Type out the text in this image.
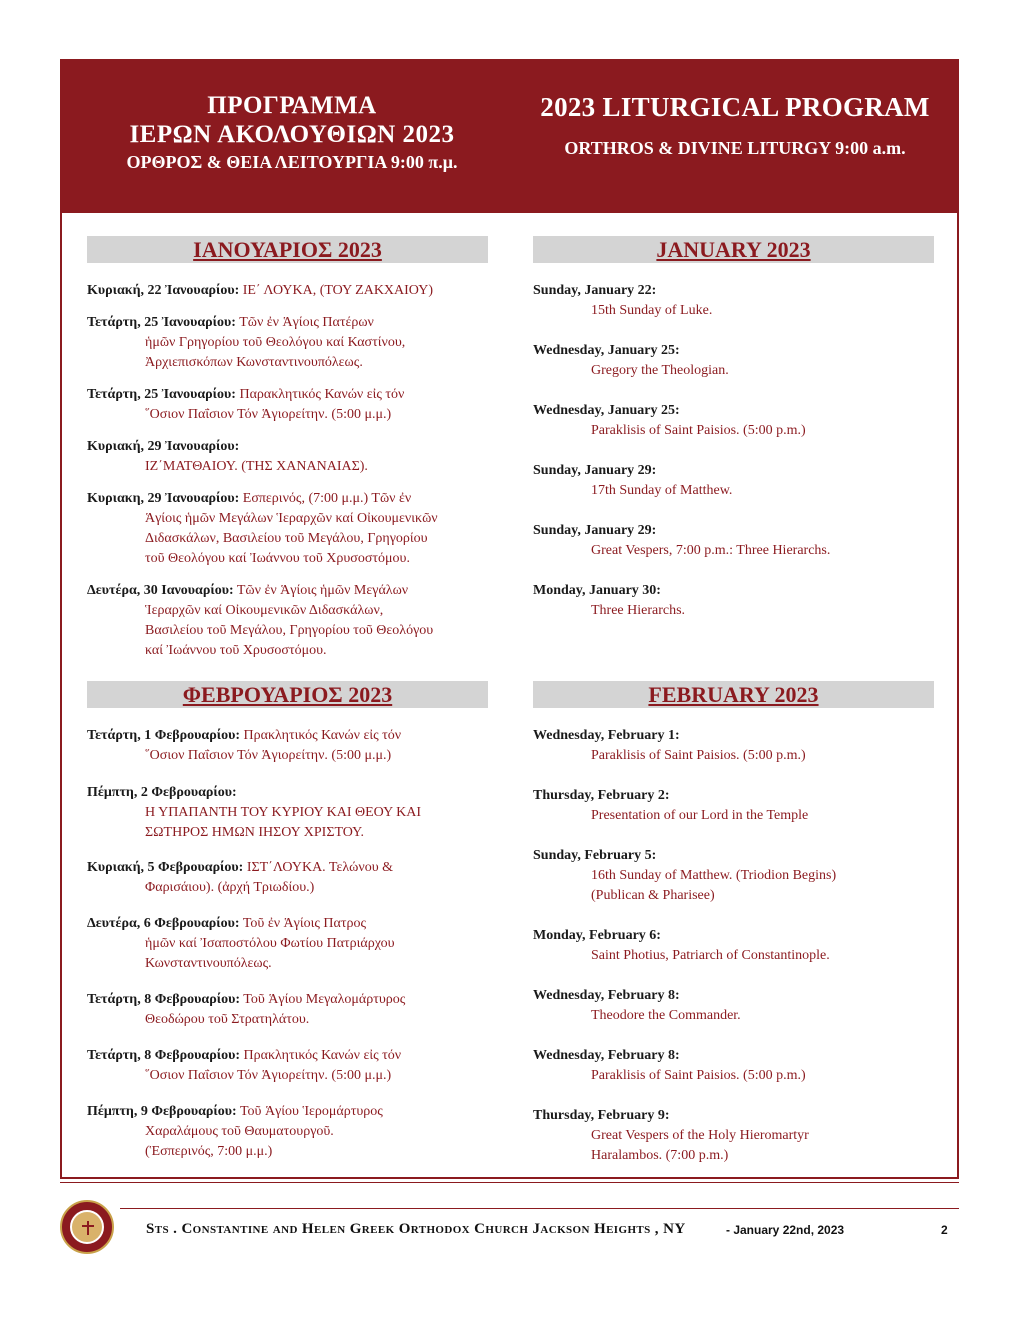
ΠΡΟΓΡΑΜΜΑ
ΙΕΡΩΝ ΑΚΟΛΟΥΘΙΩΝ 2023
ΟΡΘΡΟΣ & ΘΕΙΑ ΛΕΙΤΟΥΡΓΙΑ 9:00 π.μ.
2023 LITURGICAL PROGRAM
ORTHROS & DIVINE LITURGY 9:00 a.m.
ΙΑΝΟΥΑΡΙΟΣ 2023	JANUARY 2023
ΦΕΒΡΟΥΑΡΙΟΣ 2023	FEBRUARY 2023
Κυριακή, 22 Ἰανουαρίου: ΙΕ΄ ΛΟΥΚΑ, (ΤΟΥ ΖΑΚΧΑΙΟΥ)
Τετάρτη, 25 Ἰανουαρίου: Τῶν ἐν Ἁγίοις Πατέρων
ἡμῶν Γρηγορίου τοῦ Θεολόγου καί Καστίνου,
Ἀρχιεπισκόπων Κωνσταντινουπόλεως.
Τετάρτη, 25 Ἰανουαρίου: Παρακλητικός Κανών εἰς τόν
῞Οσιον Παΐσιον Τόν Ἁγιορείτην. (5:00 μ.μ.)
Κυριακή, 29 Ἰανουαρίου:
ΙΖ΄ΜΑΤΘΑΙΟΥ. (ΤΗΣ ΧΑΝΑΝΑΙΑΣ).
Κυριακη, 29 Ἰανουαρίου: Εσπερινός, (7:00 μ.μ.) Τῶν ἐν
Ἁγίοις ἡμῶν Μεγάλων Ἱεραρχῶν καί Οἰκουμενικῶν
Διδασκάλων, Βασιλείου τοῦ Μεγάλου, Γρηγορίου
τοῦ Θεολόγου καί Ἰωάννου τοῦ Χρυσοστόμου.
Δευτέρα, 30 Ιανουαρίου: Τῶν ἐν Ἁγίοις ἡμῶν Μεγάλων
Ἱεραρχῶν καί Οἰκουμενικῶν Διδασκάλων,
Βασιλείου τοῦ Μεγάλου, Γρηγορίου τοῦ Θεολόγου
καί Ἰωάννου τοῦ Χρυσοστόμου.
Sunday, January 22:
15th Sunday of Luke.
Wednesday, January 25:
Gregory the Theologian.
Wednesday, January 25:
Paraklisis of Saint Paisios. (5:00 p.m.)
Sunday, January 29:
17th Sunday of Matthew.
Sunday, January 29:
Great Vespers, 7:00 p.m.: Three Hierarchs.
Monday, January 30:
Three Hierarchs.
Τετάρτη, 1 Φεβρουαρίου: Πρακλητικός Κανών εἰς τόν
῞Οσιον Παΐσιον Τόν Ἁγιορείτην. (5:00 μ.μ.)
Πέμπτη, 2 Φεβρουαρίου:
Η ΥΠΑΠΑΝΤΗ ΤΟΥ ΚΥΡΙΟΥ ΚΑΙ ΘΕΟΥ ΚΑΙ
ΣΩΤΗΡΟΣ ΗΜΩΝ ΙΗΣΟΥ ΧΡΙΣΤΟΥ.
Κυριακή, 5 Φεβρουαρίου: ΙΣΤ΄ΛΟΥΚΑ. Τελώνου &
Φαρισάιου). (ἀρχή Τριωδίου.)
Δευτέρα, 6 Φεβρουαρίου: Τοῦ ἐν Ἁγίοις Πατρος
ἡμῶν καί Ἰσαποστόλου Φωτίου Πατριάρχου
Κωνσταντινουπόλεως.
Τετάρτη, 8 Φεβρουαρίου: Τοῦ Ἁγίου Μεγαλομάρτυρος
Θεοδώρου τοῦ Στρατηλάτου.
Τετάρτη, 8 Φεβρουαρίου: Πρακλητικός Κανών εἰς τόν
῞Οσιον Παΐσιον Τόν Ἁγιορείτην. (5:00 μ.μ.)
Πέμπτη, 9 Φεβρουαρίου: Τοῦ Ἁγίου Ἱερομάρτυρος
Χαραλάμους τοῦ Θαυματουργοῦ.
(Ἑσπερινός, 7:00 μ.μ.)
Wednesday, February 1:
Paraklisis of Saint Paisios. (5:00 p.m.)
Thursday, February 2:
Presentation of our Lord in the Temple
Sunday, February 5:
16th Sunday of Matthew. (Triodion Begins)
(Publican & Pharisee)
Monday, February 6:
Saint Photius, Patriarch of Constantinople.
Wednesday, February 8:
Theodore the Commander.
Wednesday, February 8:
Paraklisis of Saint Paisios. (5:00 p.m.)
Thursday, February 9:
Great Vespers of the Holy Hieromartyr
Haralambos. (7:00 p.m.)
Sts . Constantine and Helen Greek Orthodox Church Jackson Heights , NY	- January 22nd, 2023	2
